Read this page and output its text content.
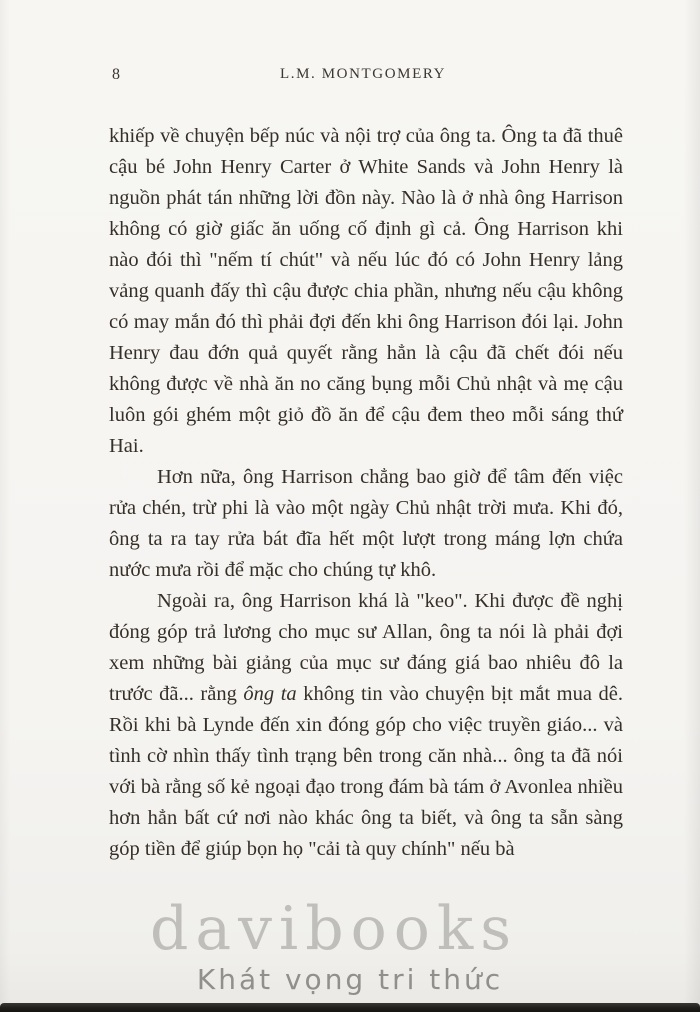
8	L.M. MONTGOMERY

khiếp về chuyện bếp núc và nội trợ của ông ta. Ông ta đã thuê cậu bé John Henry Carter ở White Sands và John Henry là nguồn phát tán những lời đồn này. Nào là ở nhà ông Harrison không có giờ giấc ăn uống cố định gì cả. Ông Harrison khi nào đói thì "nếm tí chút" và nếu lúc đó có John Henry lảng vảng quanh đấy thì cậu được chia phần, nhưng nếu cậu không có may mắn đó thì phải đợi đến khi ông Harrison đói lại. John Henry đau đớn quả quyết rằng hẳn là cậu đã chết đói nếu không được về nhà ăn no căng bụng mỗi Chủ nhật và mẹ cậu luôn gói ghém một giỏ đồ ăn để cậu đem theo mỗi sáng thứ Hai.

Hơn nữa, ông Harrison chẳng bao giờ để tâm đến việc rửa chén, trừ phi là vào một ngày Chủ nhật trời mưa. Khi đó, ông ta ra tay rửa bát đĩa hết một lượt trong máng lợn chứa nước mưa rồi để mặc cho chúng tự khô.

Ngoài ra, ông Harrison khá là "keo". Khi được đề nghị đóng góp trả lương cho mục sư Allan, ông ta nói là phải đợi xem những bài giảng của mục sư đáng giá bao nhiêu đô la trước đã... rằng ông ta không tin vào chuyện bịt mắt mua dê. Rồi khi bà Lynde đến xin đóng góp cho việc truyền giáo... và tình cờ nhìn thấy tình trạng bên trong căn nhà... ông ta đã nói với bà rằng số kẻ ngoại đạo trong đám bà tám ở Avonlea nhiều hơn hẳn bất cứ nơi nào khác ông ta biết, và ông ta sẵn sàng góp tiền để giúp bọn họ "cải tà quy chính" nếu bà

davibooks
Khát vọng tri thức
